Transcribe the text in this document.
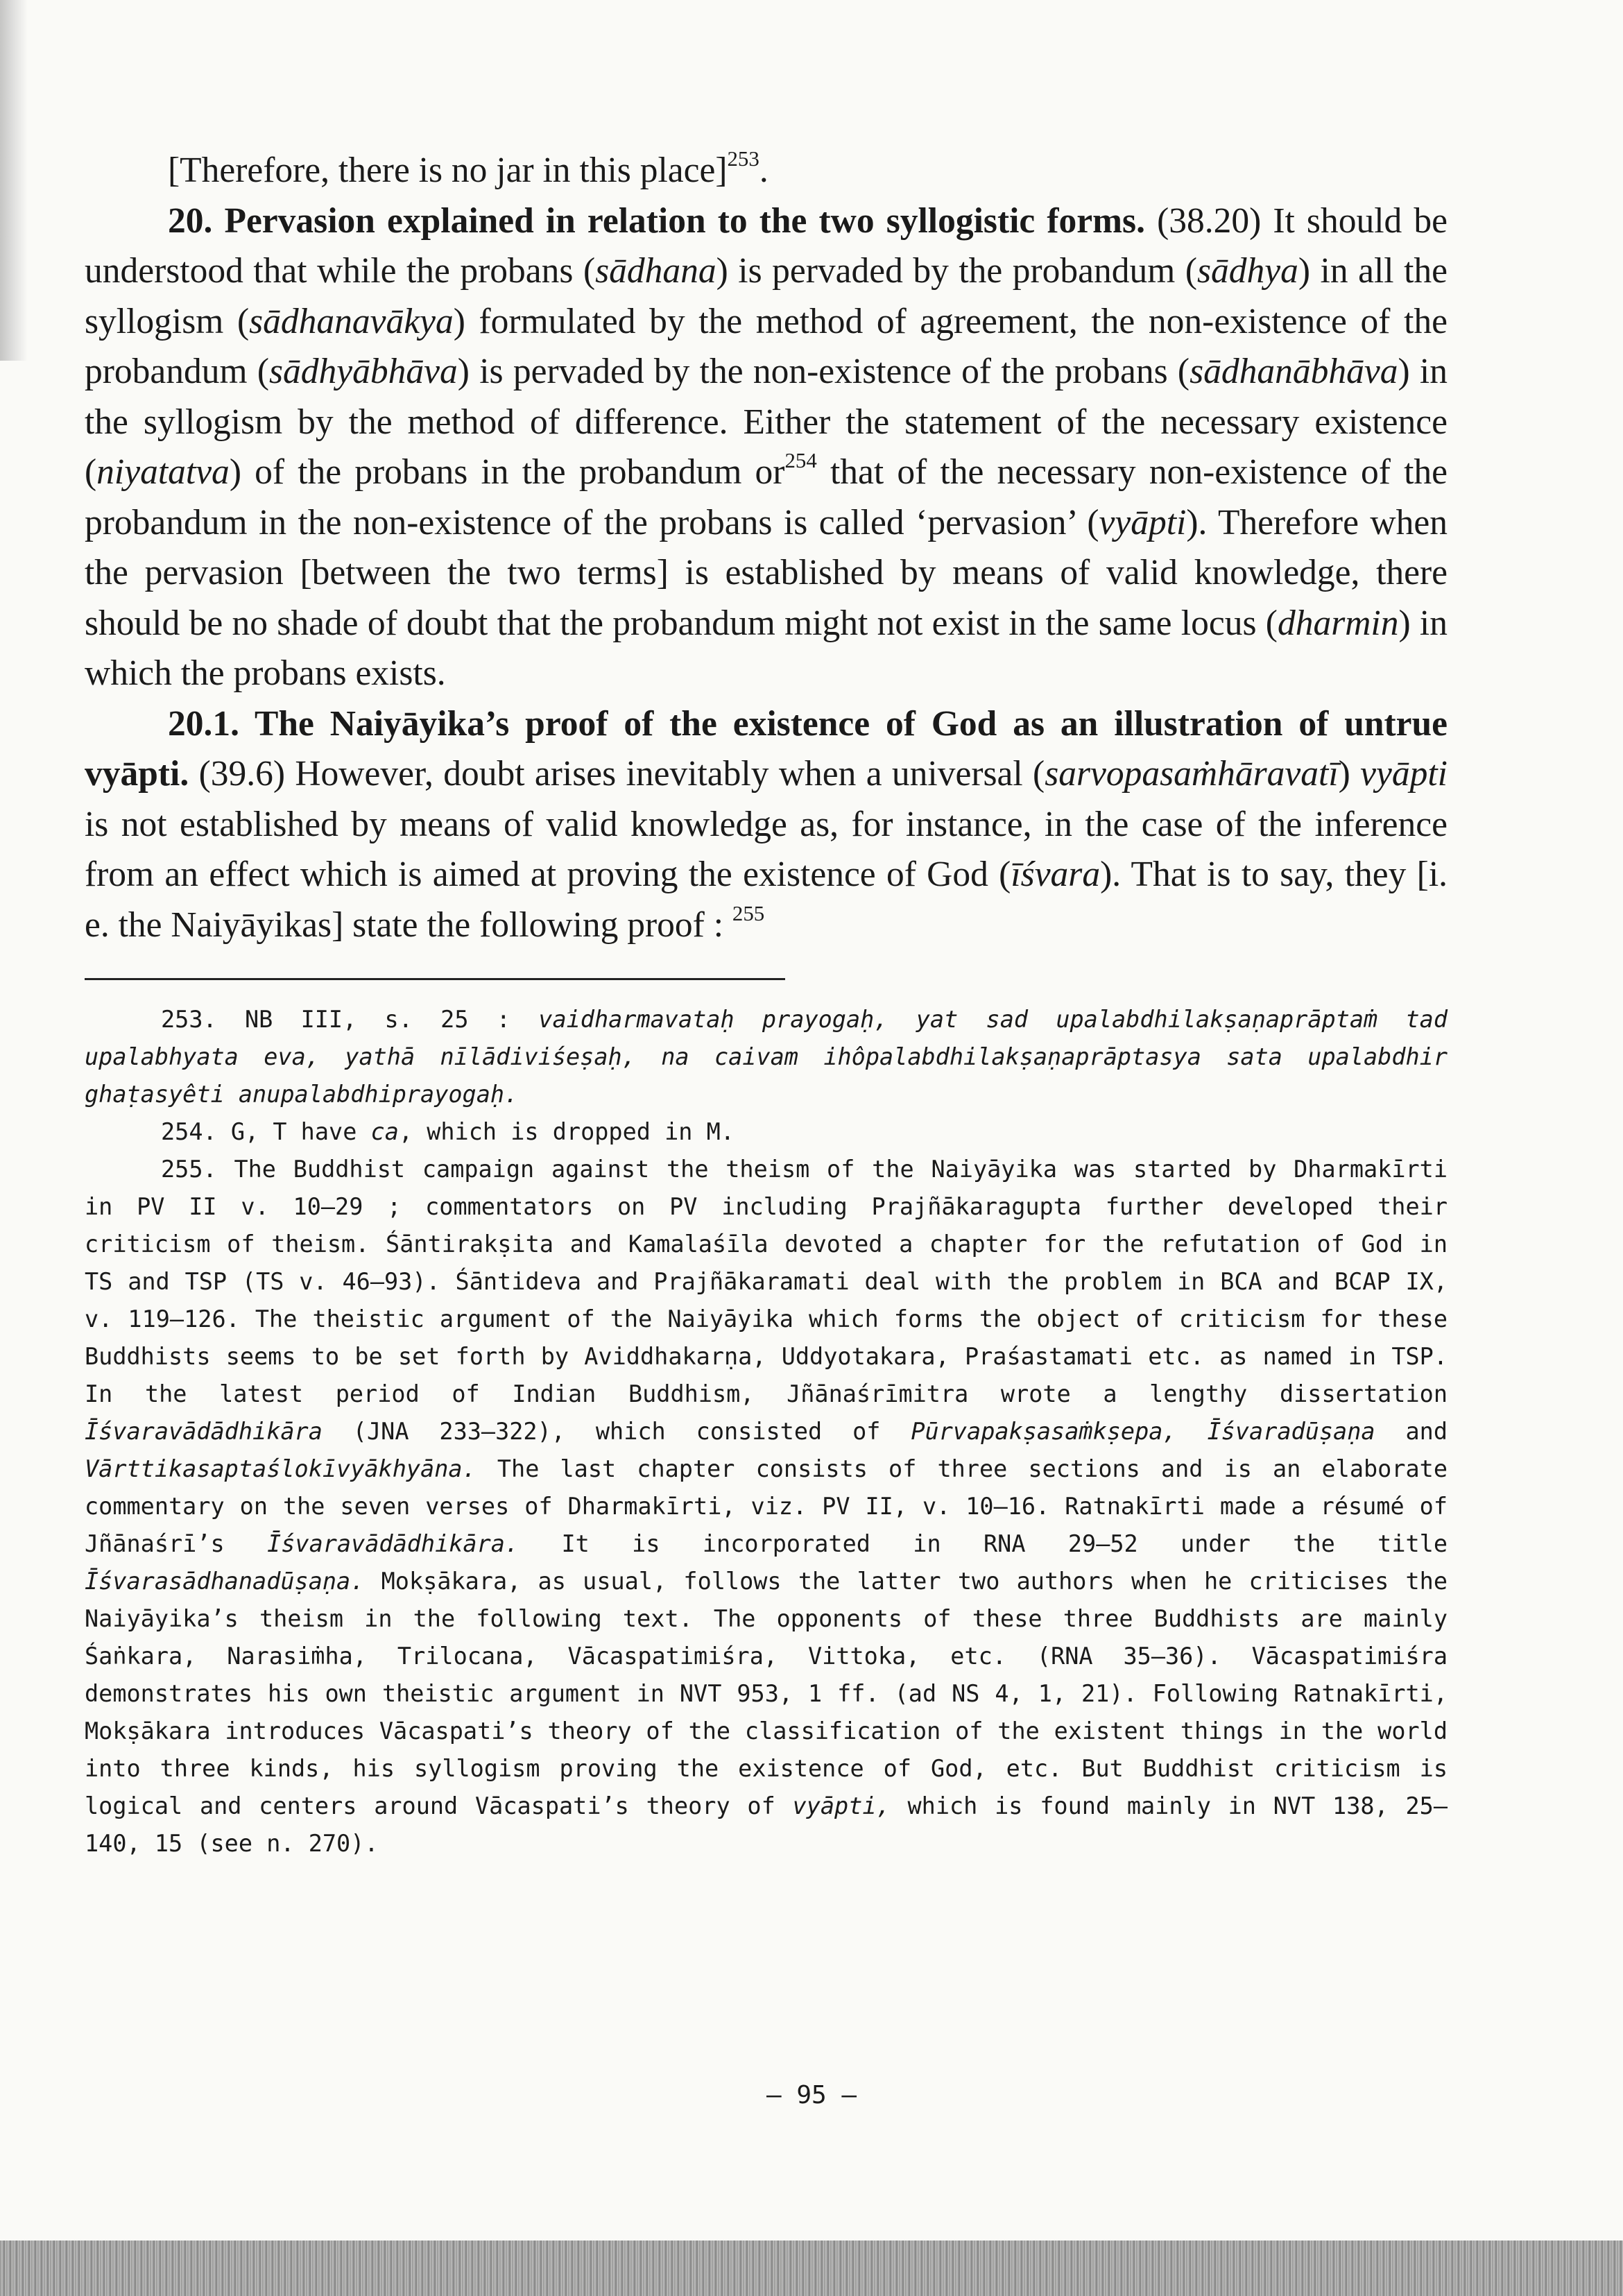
[Therefore, there is no jar in this place]$^{253}$.

20. Pervasion explained in relation to the two syllogistic forms. (38.20) It should be understood that while the probans (sādhana) is pervaded by the probandum (sādhya) in all the syllogism (sādhanavākya) formulated by the method of agreement, the non-existence of the probandum (sādhyābhāva) is pervaded by the non-existence of the probans (sādhanābhāva) in the syllogism by the method of difference. Either the statement of the necessary existence (niyatatva) of the probans in the probandum $or^{254}$ that of the necessary non-existence of the probandum in the non-existence of the probans is called ‘pervasion’ (vyāpti). Therefore when the pervasion [between the two terms] is established by means of valid knowledge, there should be no shade of doubt that the probandum might not exist in the same locus (dharmin) in which the probans exists.

20.1. The Naiyāyika’s proof of the existence of God as an illustration of untrue vyāpti. (39.6) However, doubt arises inevitably when a universal (sarvopasaṁhāravatī) vyāpti is not established by means of valid knowledge as, for instance, in the case of the inference from an effect which is aimed at proving the existence of God (īśvara). That is to say, they [i. e. the Naiyāyikas] state the following proof : $^{255}$

253. NB III, s. 25 : vaidharmavataḥ prayogaḥ, yat sad upalabdhilakṣaṇaprāptaṁ tad upalabhyata eva, yathā nīlādiviśeṣaḥ, na caivam ihôpalabdhilakṣaṇaprāptasya sata upalabdhir ghaṭasyêti anupalabdhiprayogaḥ.

254. G, T have ca, which is dropped in M.

255. The Buddhist campaign against the theism of the Naiyāyika was started by Dharmakīrti in PV II v. 10–29 ; commentators on PV including Prajñākaragupta further developed their criticism of theism. Śāntirakṣita and Kamalaśīla devoted a chapter for the refutation of God in TS and TSP (TS v. 46–93). Śāntideva and Prajñākaramati deal with the problem in BCA and BCAP IX, v. 119–126. The theistic argument of the Naiyāyika which forms the object of criticism for these Buddhists seems to be set forth by Aviddhakarṇa, Uddyotakara, Praśastamati etc. as named in TSP. In the latest period of Indian Buddhism, Jñānaśrīmitra wrote a lengthy dissertation Īśvaravādādhikāra (JNA 233–322), which consisted of Pūrvapakṣasaṁkṣepa, Īśvaradūṣaṇa and Vārttikasaptaślokīvyākhyāna. The last chapter consists of three sections and is an elaborate commentary on the seven verses of Dharmakīrti, viz. PV II, v. 10–16. Ratnakīrti made a résumé of Jñānaśrī’s Īśvaravādādhikāra. It is incorporated in RNA 29–52 under the title Īśvarasādhanadūṣaṇa. Mokṣākara, as usual, follows the latter two authors when he criticises the Naiyāyika’s theism in the following text. The opponents of these three Buddhists are mainly Śaṅkara, Narasiṁha, Trilocana, Vācaspatimiśra, Vittoka, etc. (RNA 35–36). Vācaspatimiśra demonstrates his own theistic argument in NVT 953, 1 ff. (ad NS 4, 1, 21). Following Ratnakīrti, Mokṣākara introduces Vācaspati’s theory of the classification of the existent things in the world into three kinds, his syllogism proving the existence of God, etc. But Buddhist criticism is logical and centers around Vācaspati’s theory of vyāpti, which is found mainly in NVT 138, 25–140, 15 (see n. 270).

— 95 —
